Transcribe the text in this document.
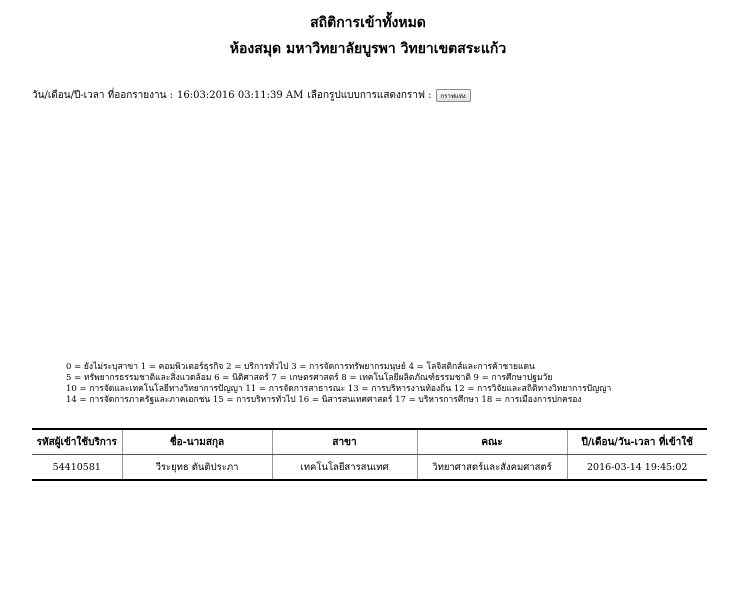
สถิติการเข้าทั้งหมด
ห้องสมุด มหาวิทยาลัยบูรพา วิทยาเขตสระแก้ว
วัน/เดือน/ปี-เวลา ที่ออกรายงาน : 16:03:2016 03:11:39 AM เลือกรูปแบบการแสดงกราฟ :	กราฟแท่ง
0 = ยังไม่ระบุสาขา 1 = คอมพิวเตอร์ธุรกิจ 2 = บริการทั่วไป 3 = การจัดการทรัพยากรมนุษย์ 4 = โลจิสติกส์และการค้าชายแดน
5 = ทรัพยากรธรรมชาติและสิ่งแวดล้อม 6 = นิติศาสตร์ 7 = เกษตรศาสตร์ 8 = เทคโนโลยีผลิตภัณฑ์ธรรมชาติ 9 = การศึกษาปฐมวัย
10 = การจัดและเทคโนโลยีทางวิทยาการปัญญา 11 = การจัดการสาธารณะ 13 = การบริหารงานท้องถิ่น 12 = การวิจัยและสถิติทางวิทยาการปัญญา
14 = การจัดการภาครัฐและภาคเอกชน 15 = การบริหารทั่วไป 16 = นิสารสนเทศศาสตร์ 17 = บริหารการศึกษา 18 = การเมืองการปกครอง
รหัสผู้เข้าใช้บริการ	ชื่อ-นามสกุล	สาขา	คณะ	ปี/เดือน/วัน-เวลา ที่เข้าใช้
54410581	วีระยุทธ ตันติประภา	เทคโนโลยีสารสนเทศ	วิทยาศาสตร์และสังคมศาสตร์	2016-03-14 19:45:02
